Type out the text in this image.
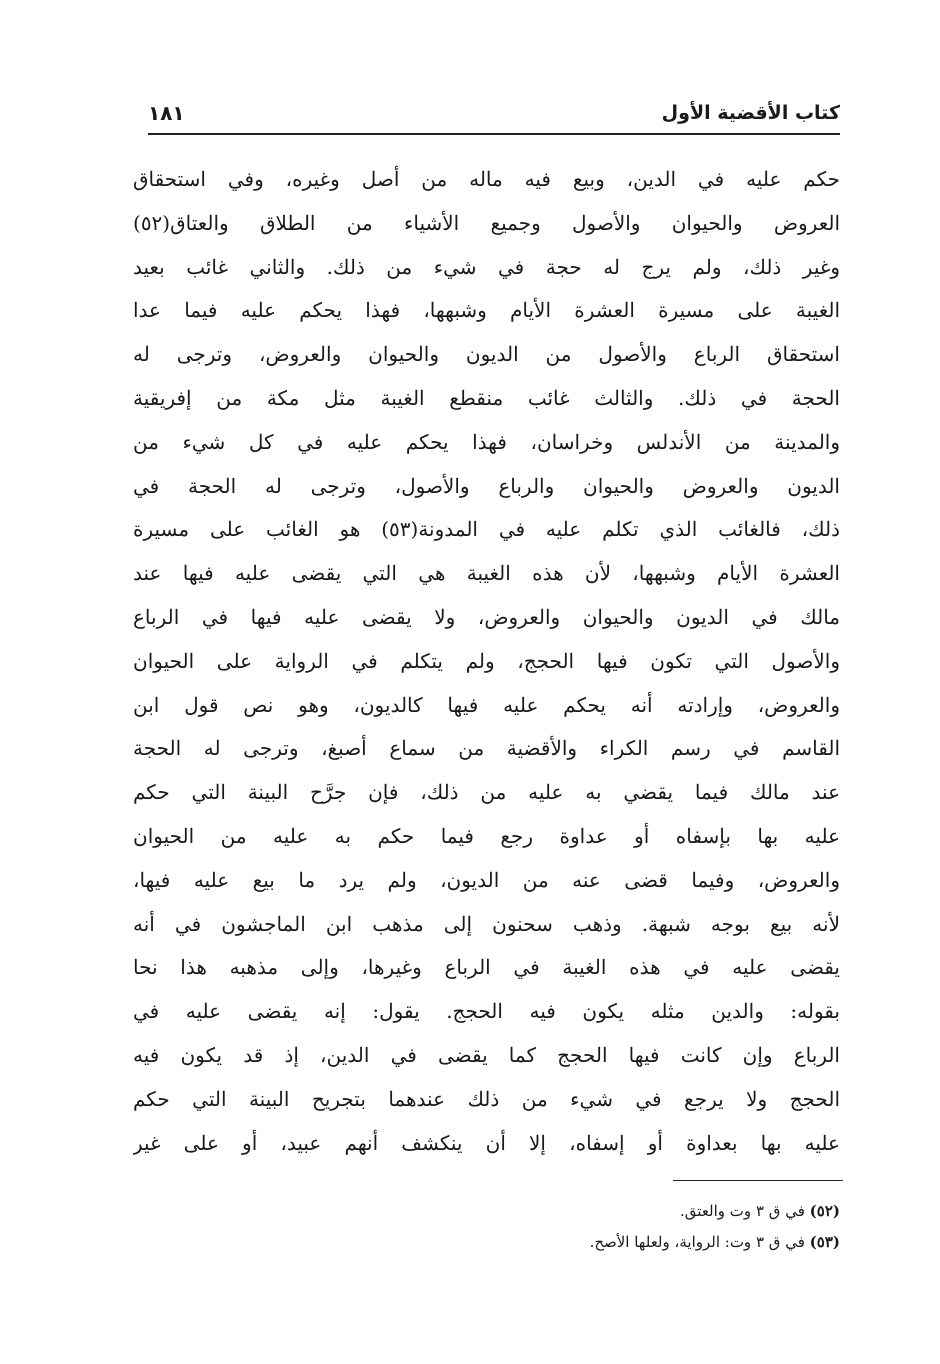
كتاب الأقضية الأول
١٨١
حكم عليه في الدين، وبيع فيه ماله من أصل وغيره، وفي استحقاق
العروض والحيوان والأصول وجميع الأشياء من الطلاق والعتاق(٥٢)
وغير ذلك، ولم يرج له حجة في شيء من ذلك. والثاني غائب بعيد
الغيبة على مسيرة العشرة الأيام وشبهها، فهذا يحكم عليه فيما عدا
استحقاق الرباع والأصول من الديون والحيوان والعروض، وترجى له
الحجة في ذلك. والثالث غائب منقطع الغيبة مثل مكة من إفريقية
والمدينة من الأندلس وخراسان، فهذا يحكم عليه في كل شيء من
الديون والعروض والحيوان والرباع والأصول، وترجى له الحجة في
ذلك، فالغائب الذي تكلم عليه في المدونة(٥٣) هو الغائب على مسيرة
العشرة الأيام وشبهها، لأن هذه الغيبة هي التي يقضى عليه فيها عند
مالك في الديون والحيوان والعروض، ولا يقضى عليه فيها في الرباع
والأصول التي تكون فيها الحجج، ولم يتكلم في الرواية على الحيوان
والعروض، وإرادته أنه يحكم عليه فيها كالديون، وهو نص قول ابن
القاسم في رسم الكراء والأقضية من سماع أصبغ، وترجى له الحجة
عند مالك فيما يقضي به عليه من ذلك، فإن جرَّح البينة التي حكم
عليه بها بإسفاه أو عداوة رجع فيما حكم به عليه من الحيوان
والعروض، وفيما قضى عنه من الديون، ولم يرد ما بيع عليه فيها،
لأنه بيع بوجه شبهة. وذهب سحنون إلى مذهب ابن الماجشون في أنه
يقضى عليه في هذه الغيبة في الرباع وغيرها، وإلى مذهبه هذا نحا
بقوله: والدين مثله يكون فيه الحجج. يقول: إنه يقضى عليه في
الرباع وإن كانت فيها الحجج كما يقضى في الدين، إذ قد يكون فيه
الحجج ولا يرجع في شيء من ذلك عندهما بتجريح البينة التي حكم
عليه بها بعداوة أو إسفاه، إلا أن ينكشف أنهم عبيد، أو على غير
(٥٢) في ق ٣ وت والعتق.
(٥٣) في ق ٣ وت: الرواية، ولعلها الأصح.
